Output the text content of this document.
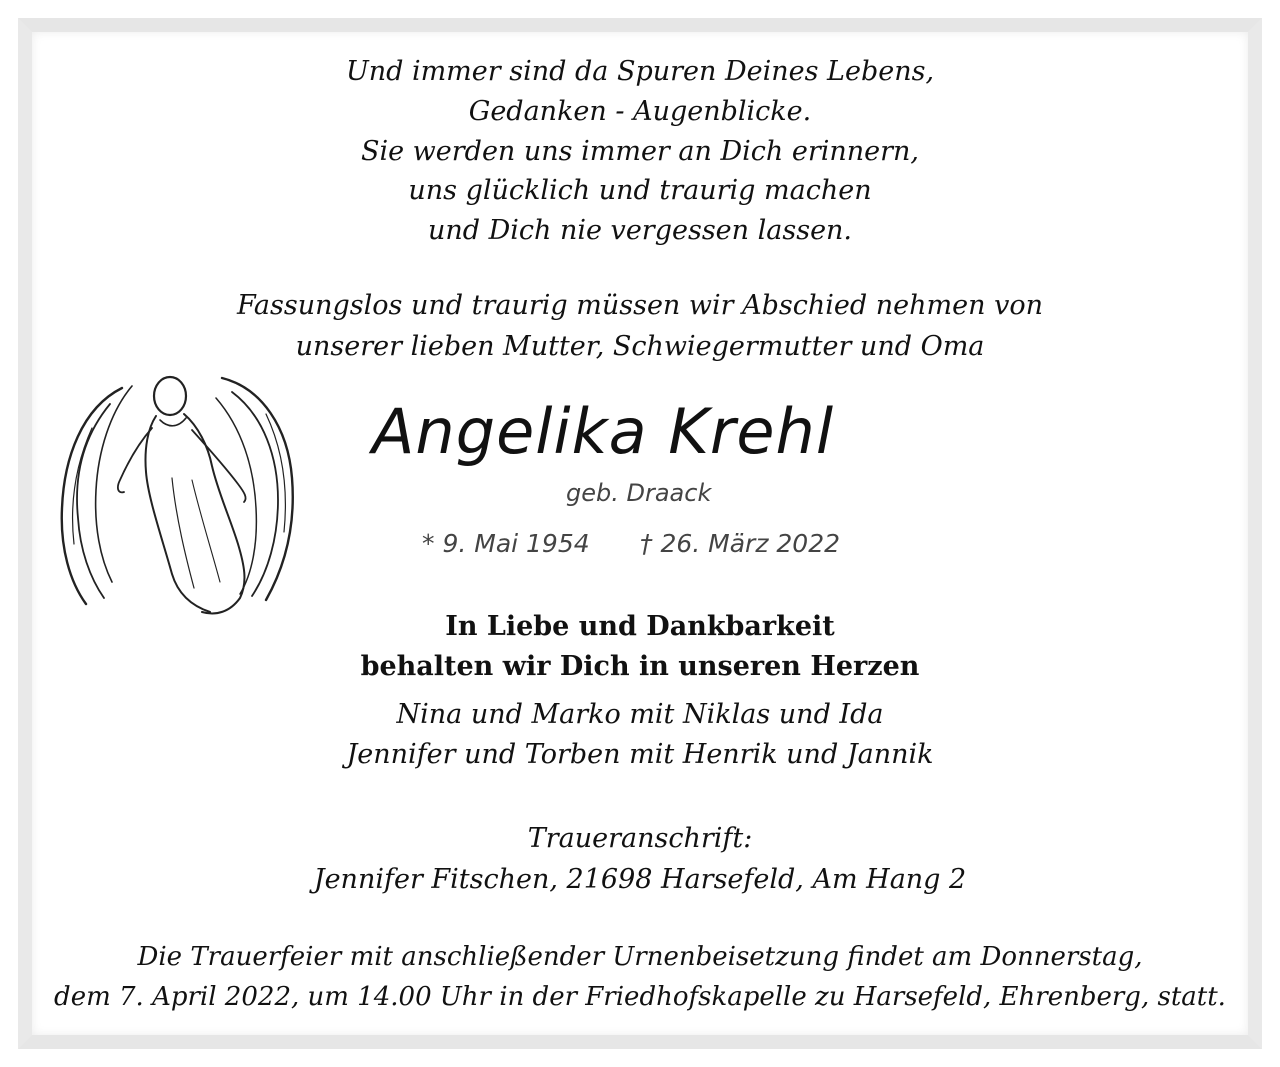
Und immer sind da Spuren Deines Lebens,
Gedanken - Augenblicke.
Sie werden uns immer an Dich erinnern,
uns glücklich und traurig machen
und Dich nie vergessen lassen.
Fassungslos und traurig müssen wir Abschied nehmen von
unserer lieben Mutter, Schwiegermutter und Oma
Angelika Krehl
geb. Draack
* 9. Mai 1954 † 26. März 2022
In Liebe und Dankbarkeit
behalten wir Dich in unseren Herzen
Nina und Marko mit Niklas und Ida
Jennifer und Torben mit Henrik und Jannik
Traueranschrift:
Jennifer Fitschen, 21698 Harsefeld, Am Hang 2
Die Trauerfeier mit anschließender Urnenbeisetzung findet am Donnerstag,
dem 7. April 2022, um 14.00 Uhr in der Friedhofskapelle zu Harsefeld, Ehrenberg, statt.
